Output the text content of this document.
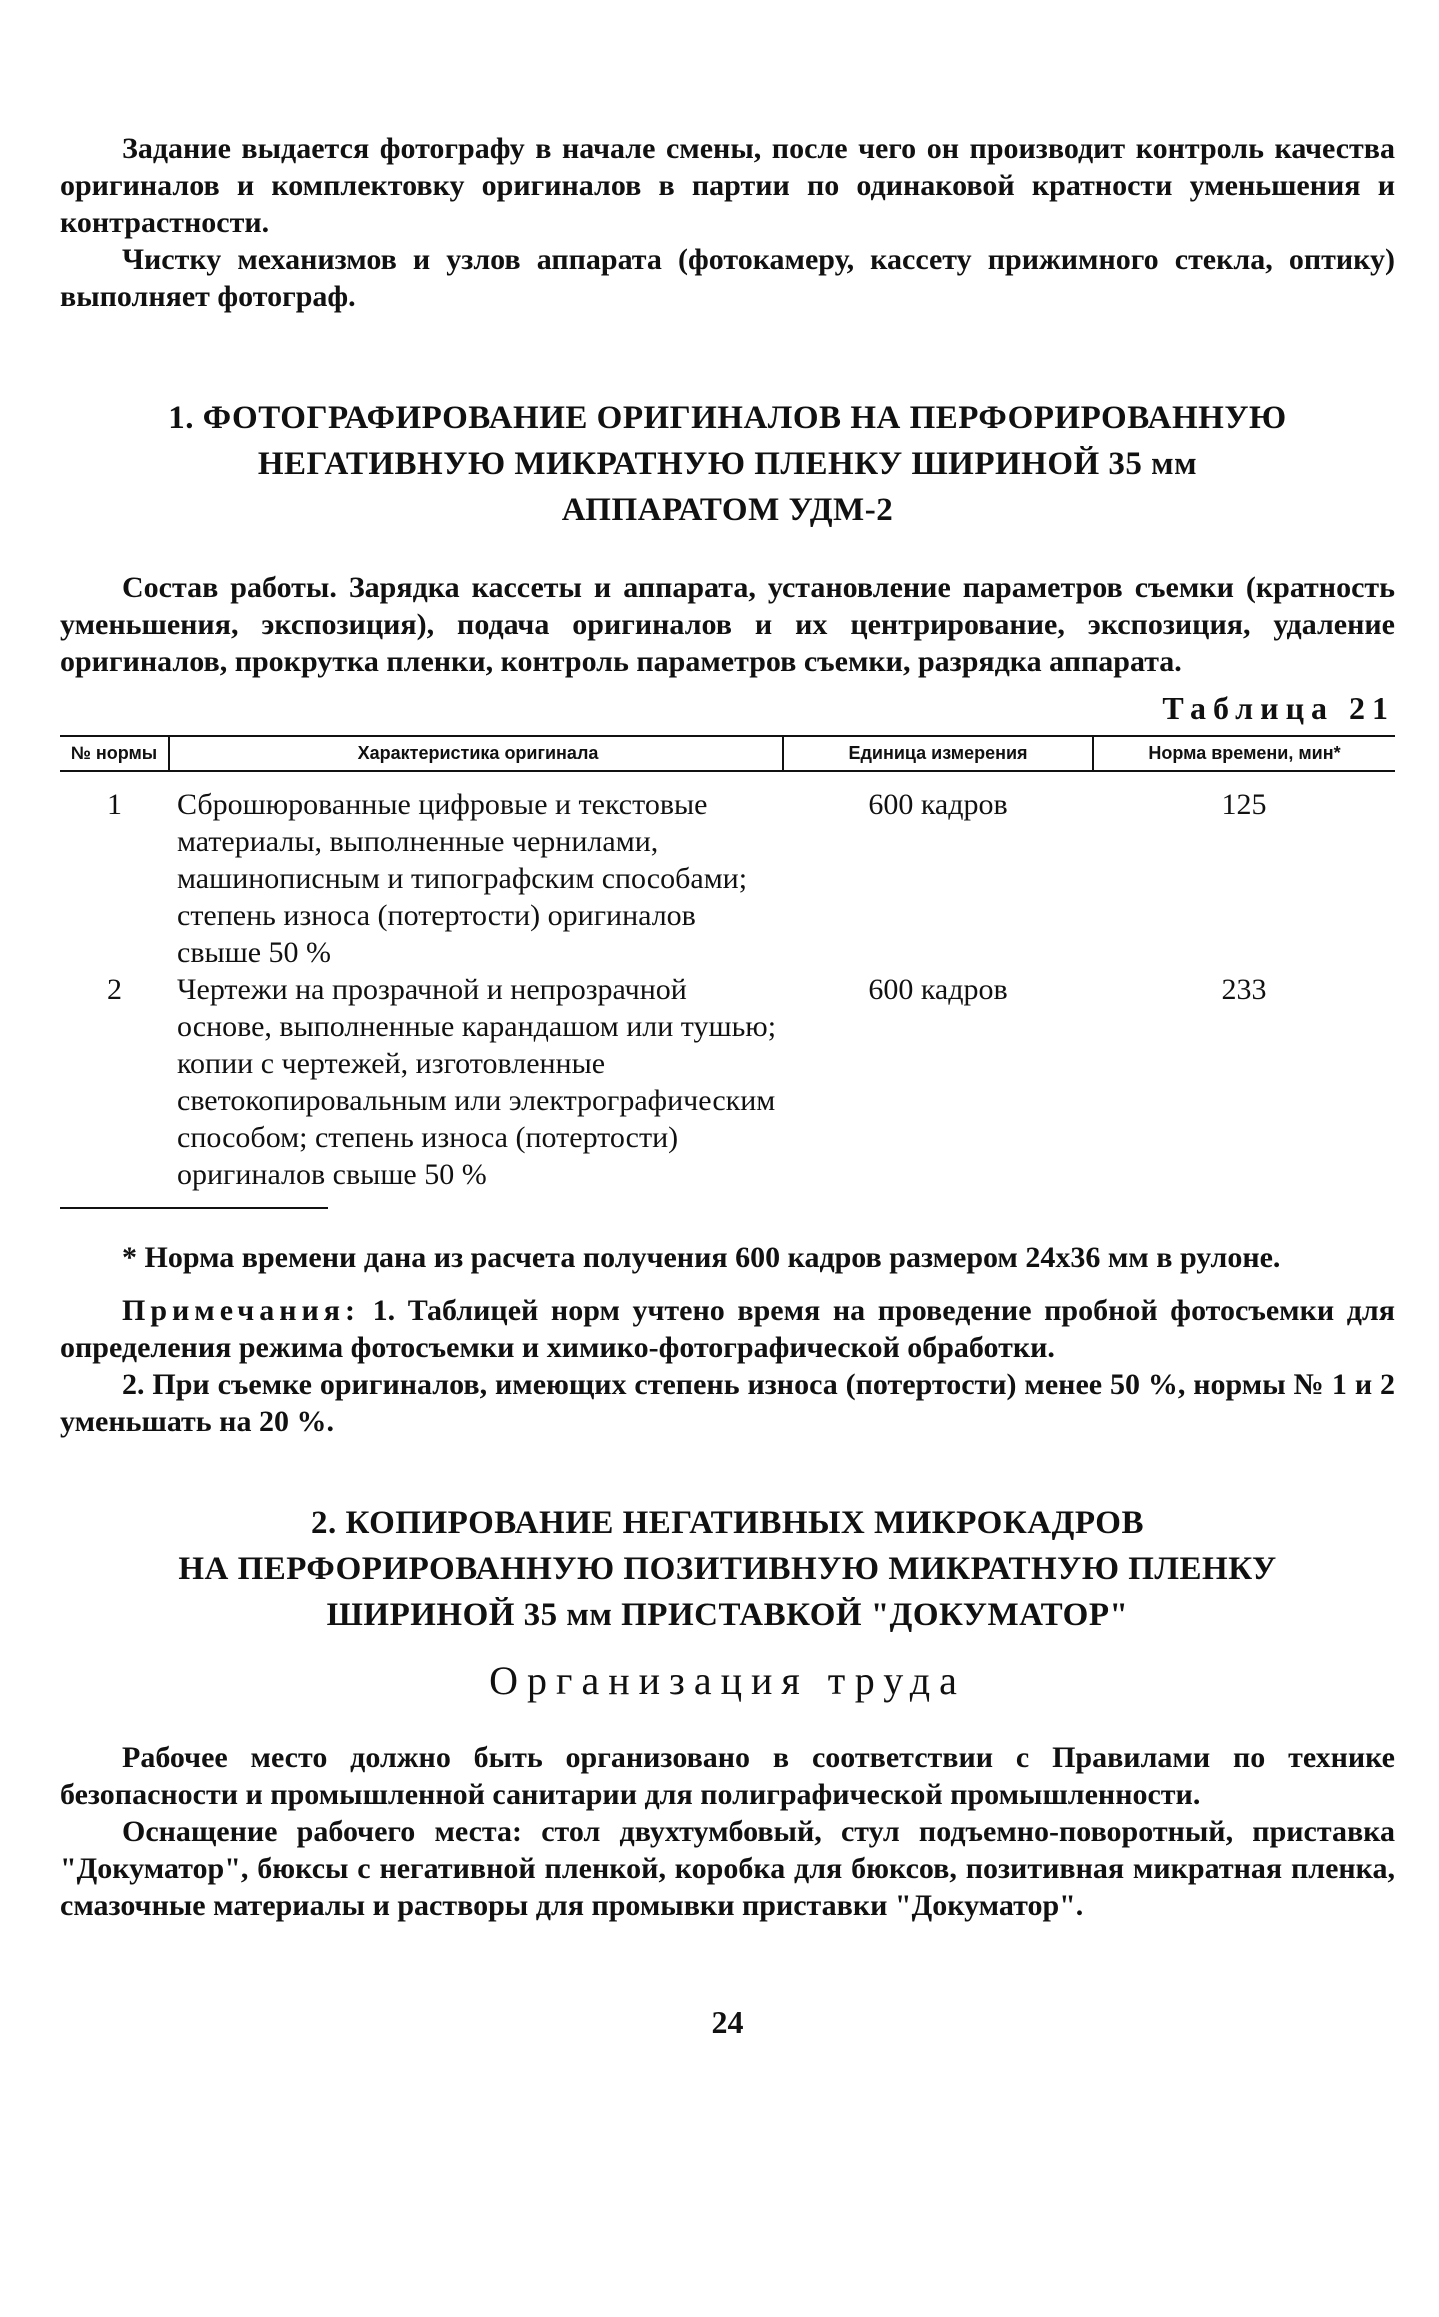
Задание выдается фотографу в начале смены, после чего он производит контроль качества оригиналов и комплектовку оригиналов в партии по одинаковой кратности уменьшения и контрастности.

Чистку механизмов и узлов аппарата (фотокамеру, кассету прижимного стекла, оптику) выполняет фотограф.

1. ФОТОГРАФИРОВАНИЕ ОРИГИНАЛОВ НА ПЕРФОРИРОВАННУЮ

НЕГАТИВНУЮ МИКРАТНУЮ ПЛЕНКУ ШИРИНОЙ 35 мм

АППАРАТОМ УДМ-2

Состав работы. Зарядка кассеты и аппарата, установление параметров съемки (кратность уменьшения, экспозиция), подача оригиналов и их центрирование, экспозиция, удаление оригиналов, прокрутка пленки, контроль параметров съемки, разрядка аппарата.

Таблица 21

№ нормы	Характеристика оригинала	Единица измерения	Норма времени, мин*
1	Сброшюрованные цифровые и текстовые материалы, выполненные чернилами, машинописным и типографским способами; степень износа (потертости) оригиналов свыше 50 %	600 кадров	125
2	Чертежи на прозрачной и непрозрачной основе, выполненные карандашом или тушью; копии с чертежей, изготовленные светокопировальным или электрографическим способом; степень износа (потертости) оригиналов свыше 50 %	600 кадров	233

* Норма времени дана из расчета получения 600 кадров размером 24х36 мм в рулоне.

Примечания: 1. Таблицей норм учтено время на проведение пробной фотосъемки для определения режима фотосъемки и химико-фотографической обработки.

2. При съемке оригиналов, имеющих степень износа (потертости) менее 50 %, нормы № 1 и 2 уменьшать на 20 %.

2. КОПИРОВАНИЕ НЕГАТИВНЫХ МИКРОКАДРОВ

НА ПЕРФОРИРОВАННУЮ ПОЗИТИВНУЮ МИКРАТНУЮ ПЛЕНКУ

ШИРИНОЙ 35 мм ПРИСТАВКОЙ "ДОКУМАТОР"

Организация труда

Рабочее место должно быть организовано в соответствии с Правилами по технике безопасности и промышленной санитарии для полиграфической промышленности.

Оснащение рабочего места: стол двухтумбовый, стул подъемно-поворотный, приставка "Докуматор", бюксы с негативной пленкой, коробка для бюксов, позитивная микратная пленка, смазочные материалы и растворы для промывки приставки "Докуматор".

24
